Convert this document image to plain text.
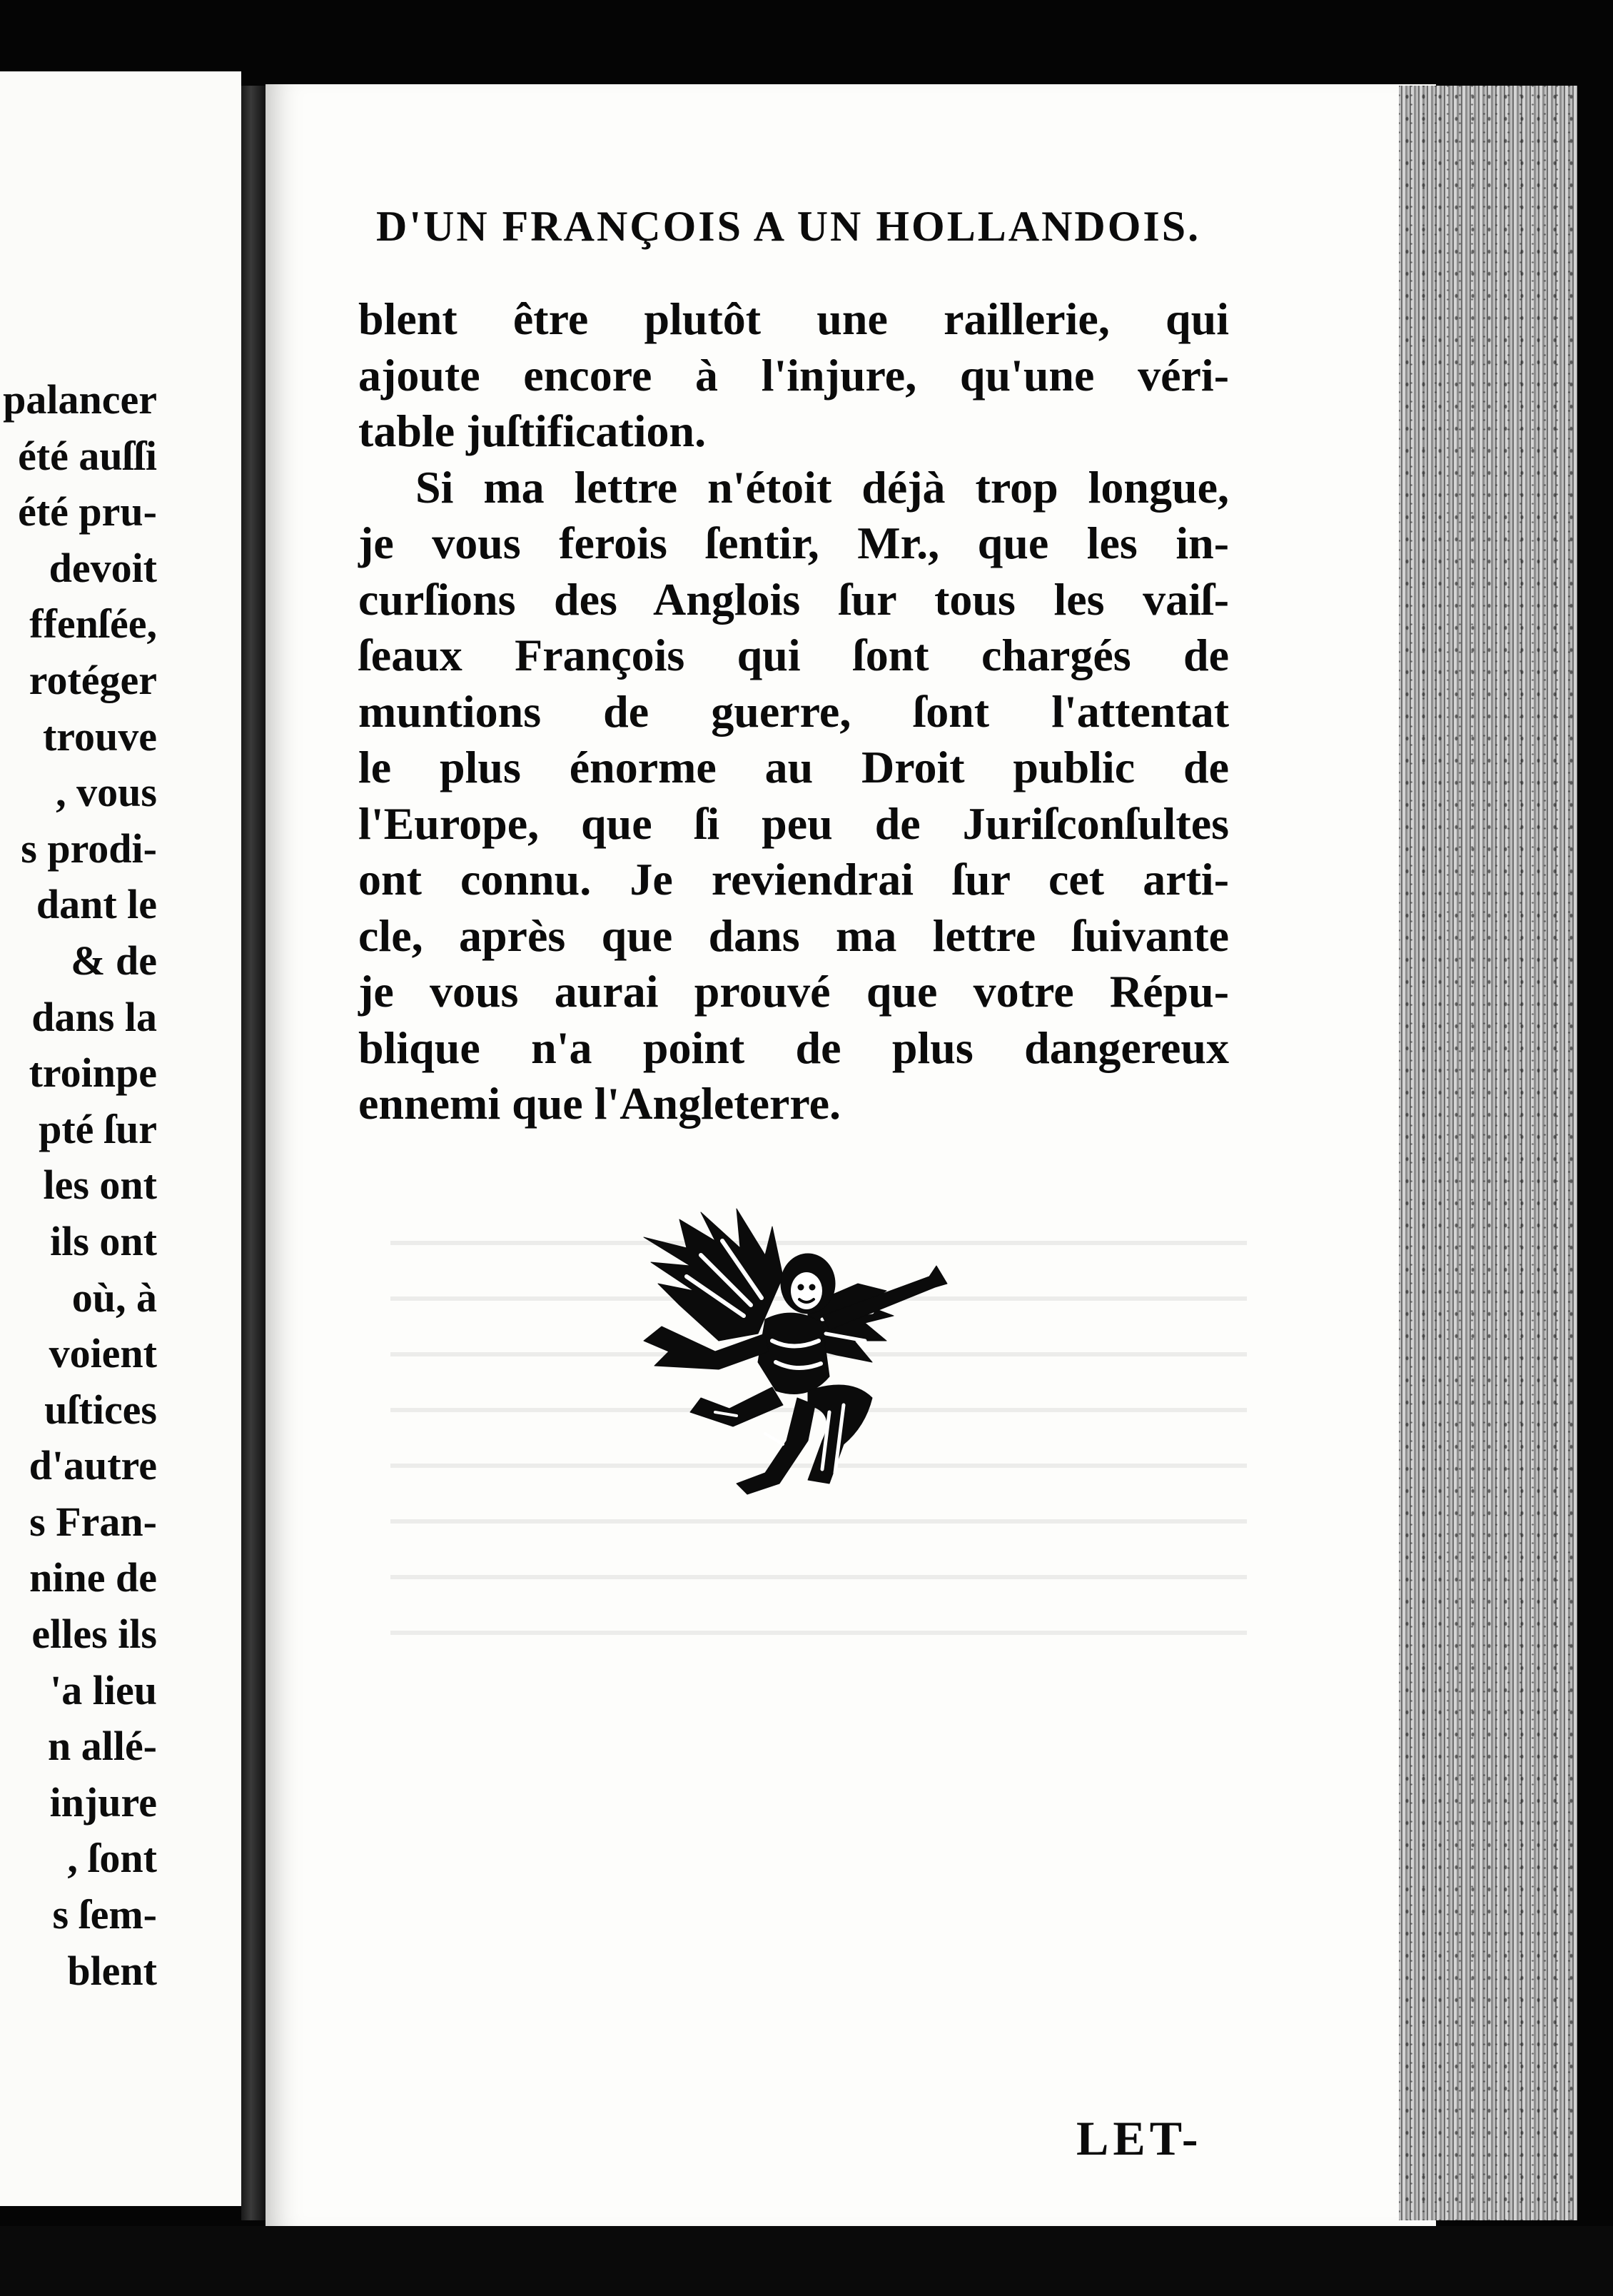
palancer
été auſſi
été pru-
devoit
ffenſée,
rotéger
trouve
, vous
s prodi-
dant le
& de
dans la
troinpe
pté ſur
les ont
ils ont
où, à
voient
uſtices
d'autre
s Fran-
nine de
elles ils
'a lieu
n allé-
injure
, ſont
s ſem-
blent
D'UN FRANÇOIS A UN HOLLANDOIS.
blent être plutôt une raillerie, qui
ajoute encore à l'injure, qu'une véri-
table juſtification.
Si ma lettre n'étoit déjà trop longue,
je vous ferois ſentir, Mr., que les in-
curſions des Anglois ſur tous les vaiſ-
ſeaux François qui ſont chargés de
muntions de guerre, ſont l'attentat
le plus énorme au Droit public de
l'Europe, que ſi peu de Juriſconſultes
ont connu. Je reviendrai ſur cet arti-
cle, après que dans ma lettre ſuivante
je vous aurai prouvé que votre Répu-
blique n'a point de plus dangereux
ennemi que l'Angleterre.
LET-
